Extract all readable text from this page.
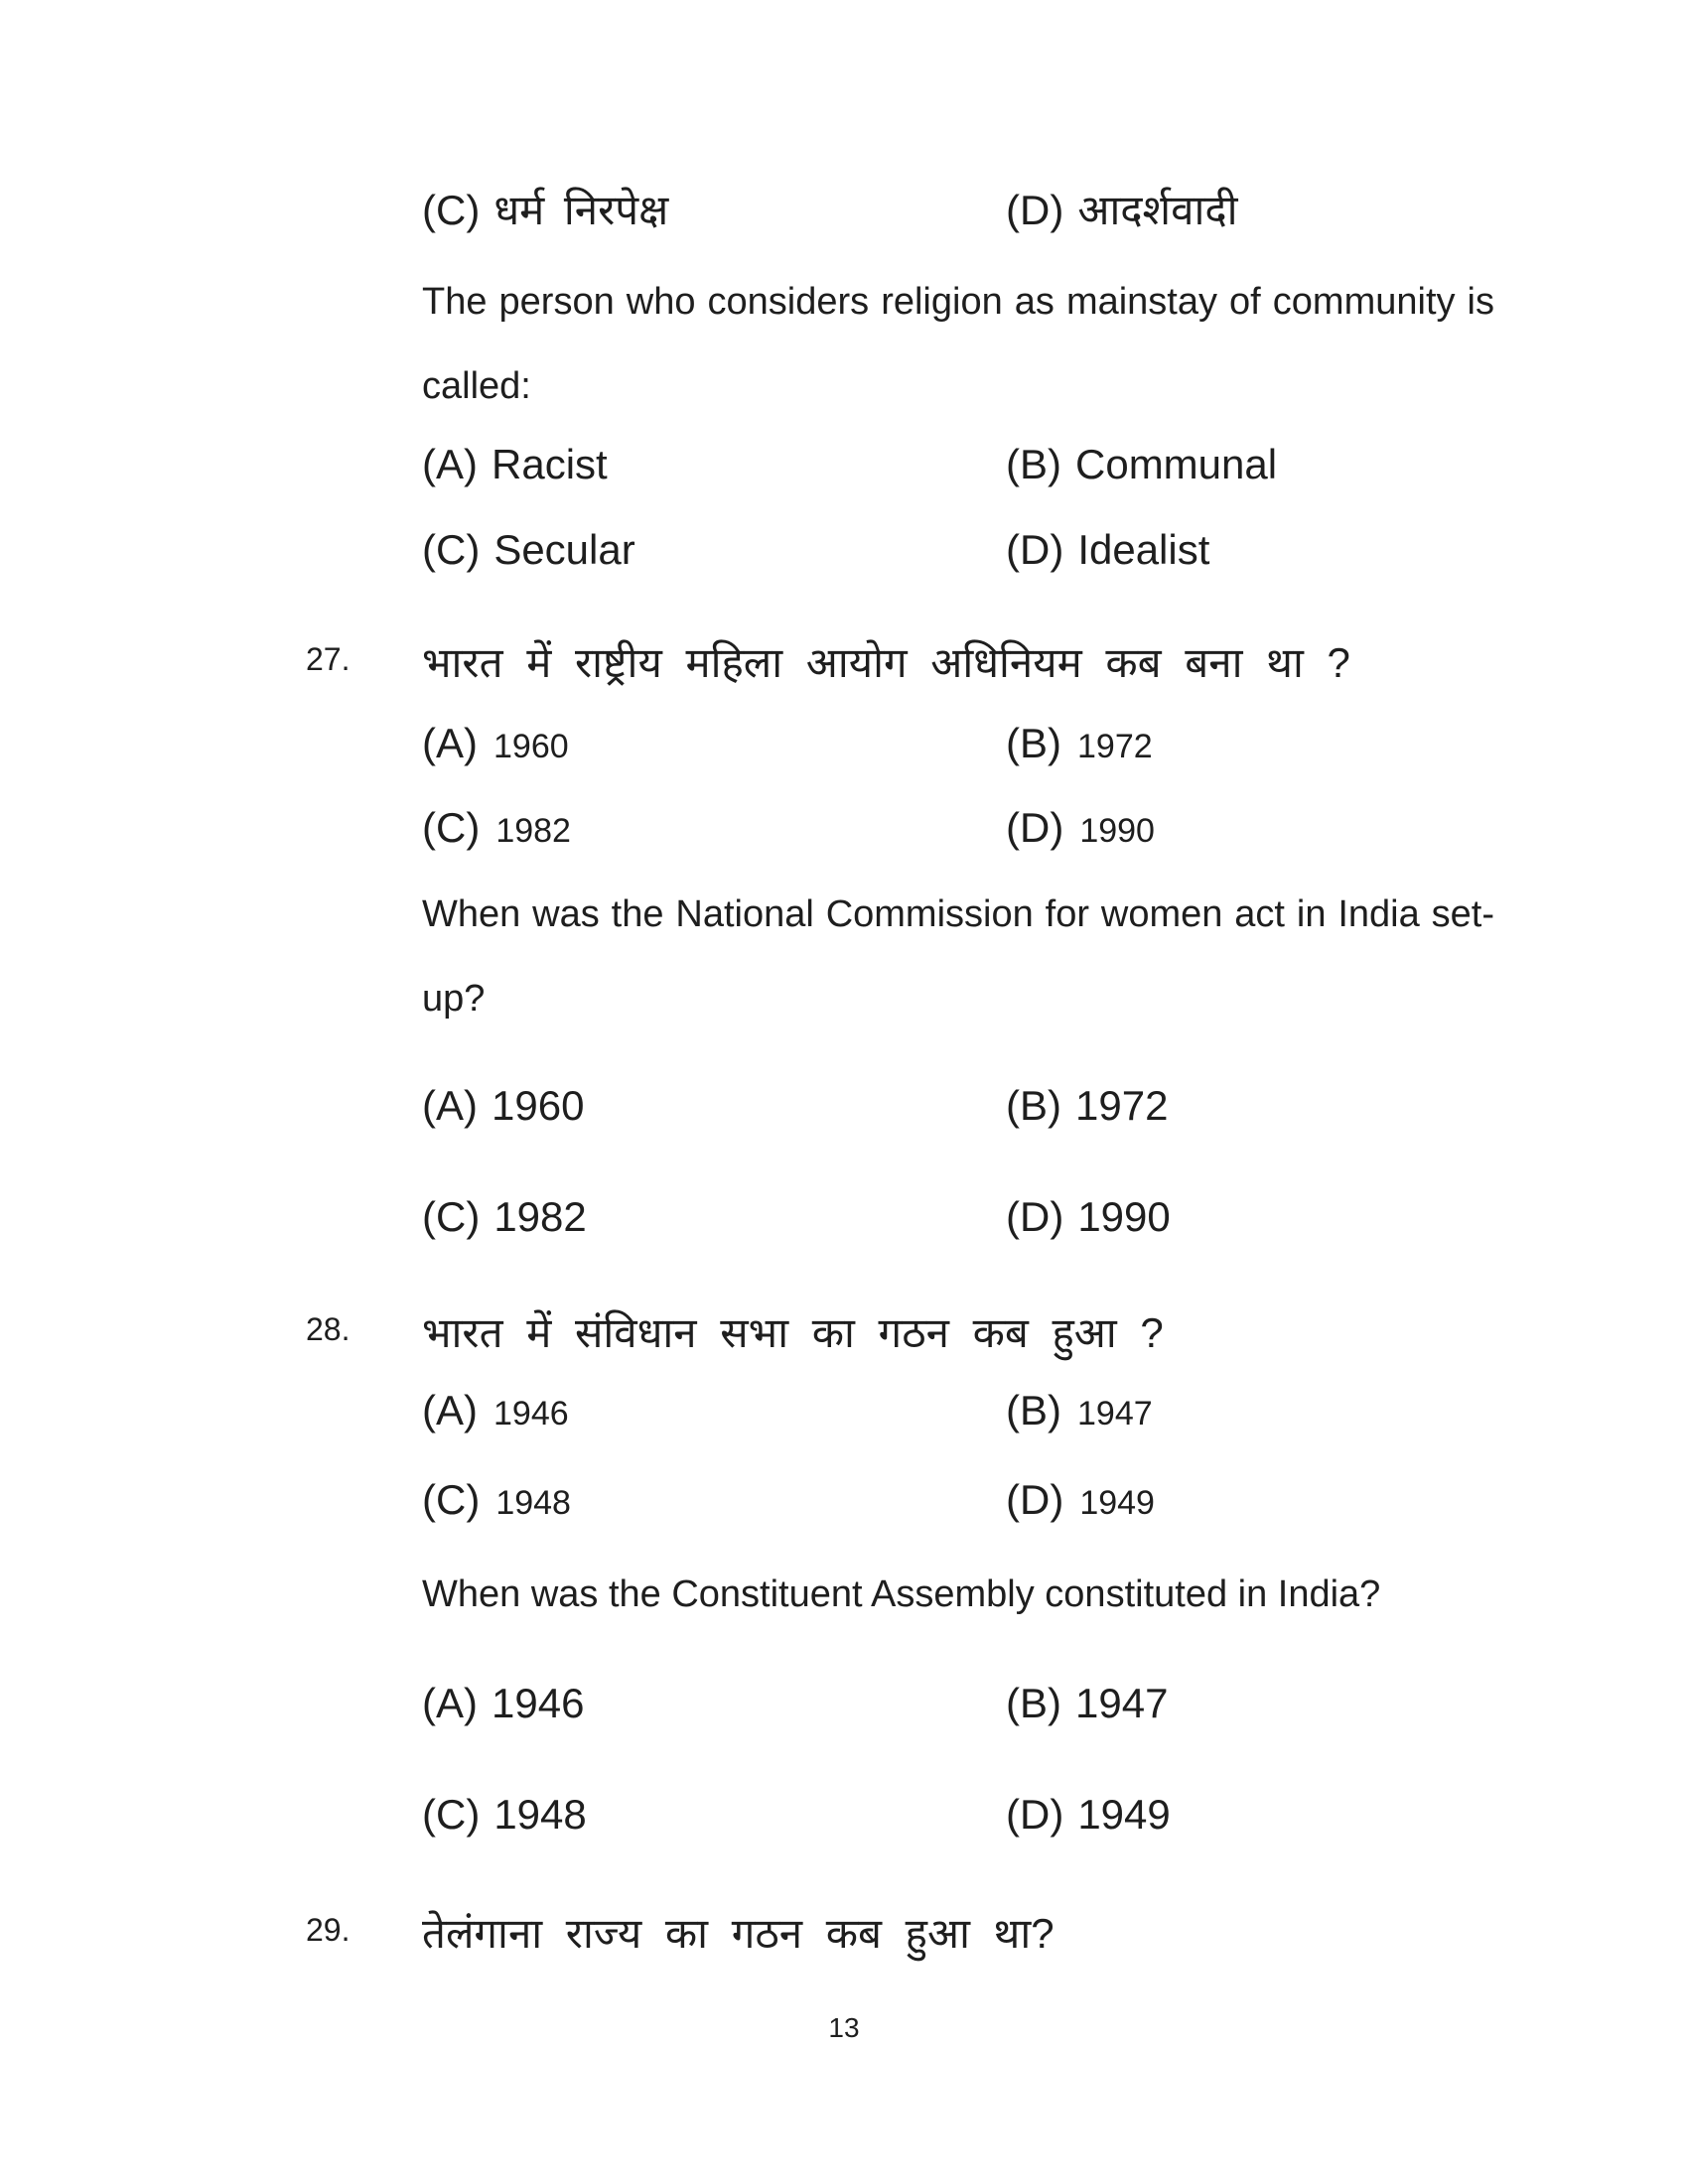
(C) धर्म निरपेक्ष	(D) आदर्शवादी
The person who considers religion as mainstay of community is called:
(A) Racist	(B) Communal
(C) Secular	(D) Idealist
27. भारत में राष्ट्रीय महिला आयोग अधिनियम कब बना था ?
(A) 1960	(B) 1972
(C) 1982	(D) 1990
When was the National Commission for women act in India set-up?
(A) 1960	(B) 1972
(C) 1982	(D) 1990
28. भारत में संविधान सभा का गठन कब हुआ ?
(A) 1946	(B) 1947
(C) 1948	(D) 1949
When was the Constituent Assembly constituted in India?
(A) 1946	(B) 1947
(C) 1948	(D) 1949
29. तेलंगाना राज्य का गठन कब हुआ था?
13
